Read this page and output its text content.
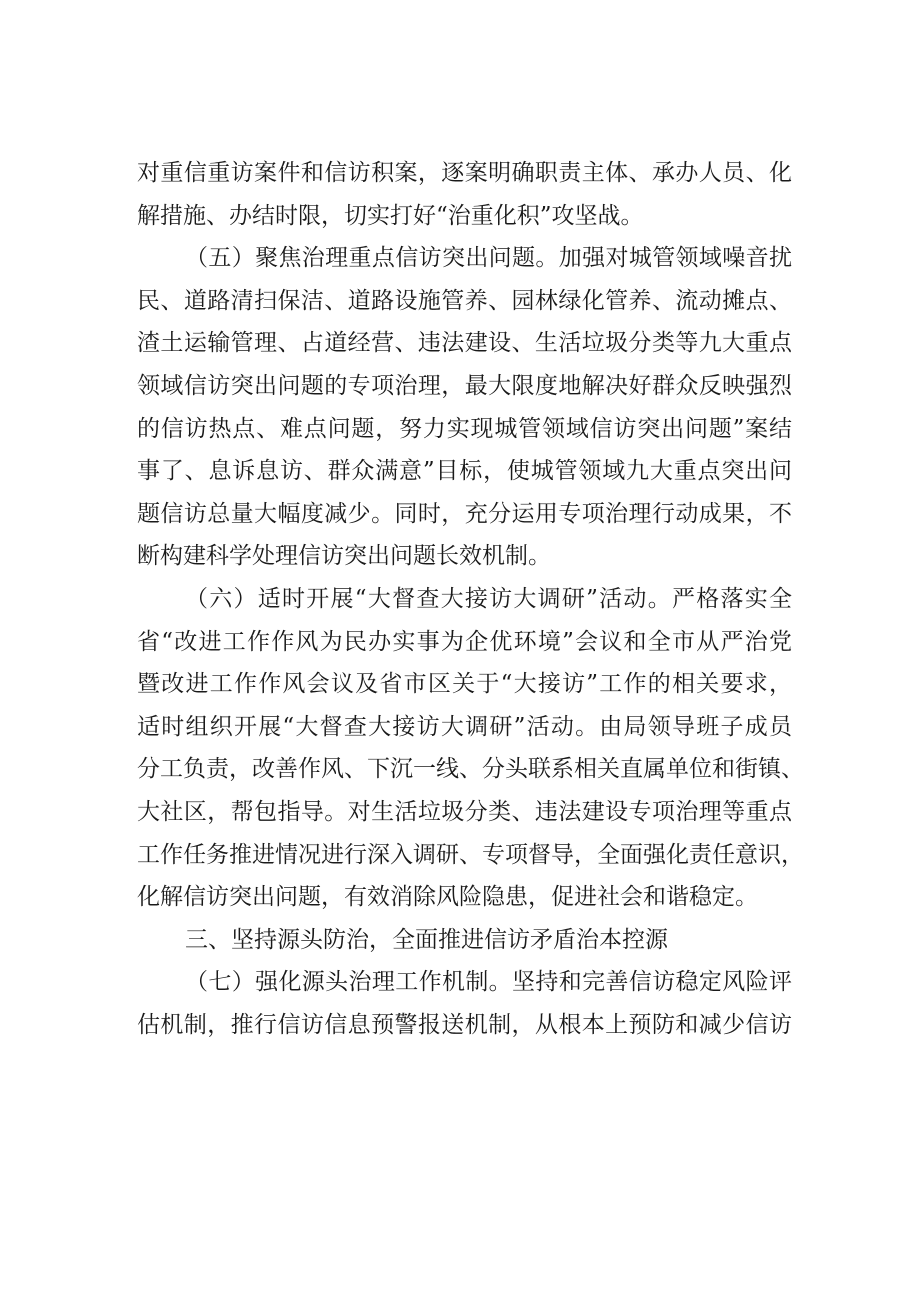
对重信重访案件和信访积案，逐案明确职责主体、承办人员、化
解措施、办结时限，切实打好“治重化积”攻坚战。
（五）聚焦治理重点信访突出问题。加强对城管领域噪音扰
民、道路清扫保洁、道路设施管养、园林绿化管养、流动摊点、
渣土运输管理、占道经营、违法建设、生活垃圾分类等九大重点
领域信访突出问题的专项治理，最大限度地解决好群众反映强烈
的信访热点、难点问题，努力实现城管领域信访突出问题”案结
事了、息诉息访、群众满意”目标，使城管领域九大重点突出问
题信访总量大幅度减少。同时，充分运用专项治理行动成果，不
断构建科学处理信访突出问题长效机制。
（六）适时开展“大督查大接访大调研”活动。严格落实全
省“改进工作作风为民办实事为企优环境”会议和全市从严治党
暨改进工作作风会议及省市区关于“大接访”工作的相关要求，
适时组织开展“大督查大接访大调研”活动。由局领导班子成员
分工负责，改善作风、下沉一线、分头联系相关直属单位和街镇、
大社区，帮包指导。对生活垃圾分类、违法建设专项治理等重点
工作任务推进情况进行深入调研、专项督导，全面强化责任意识，
化解信访突出问题，有效消除风险隐患，促进社会和谐稳定。
三、坚持源头防治，全面推进信访矛盾治本控源
（七）强化源头治理工作机制。坚持和完善信访稳定风险评
估机制，推行信访信息预警报送机制，从根本上预防和减少信访
